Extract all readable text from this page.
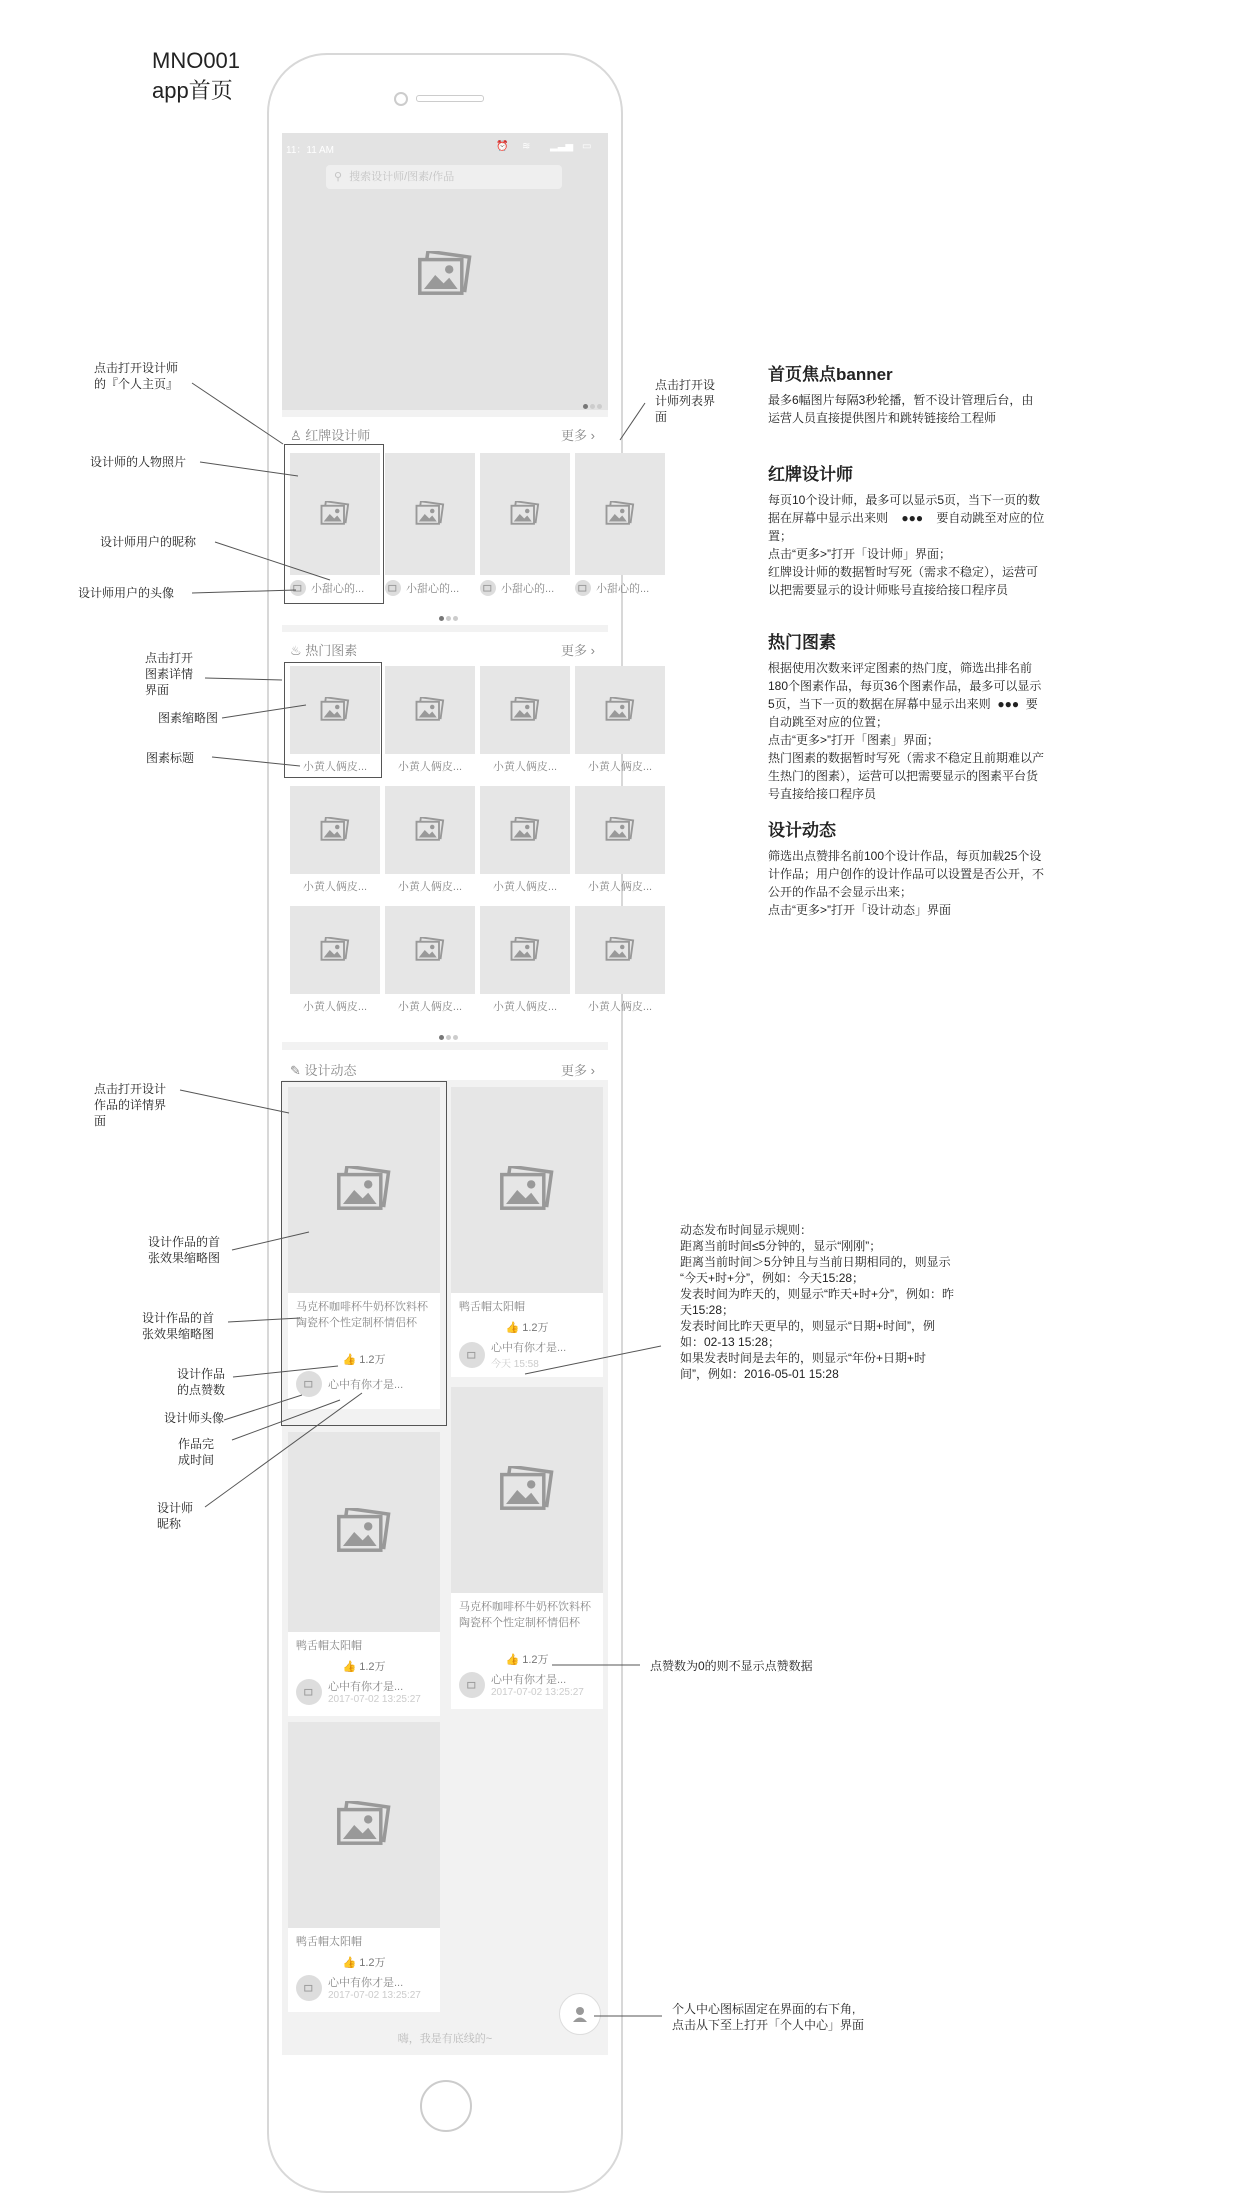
MNO001
app首页
11：11 AM	⏰ ≋ ▂▃▅ ▭
⚲ 搜索设计师/图素/作品
♙ 红牌设计师	更多 ›
小甜心的...	小甜心的...	小甜心的...	小甜心的...
♨ 热门图素	更多 ›
小黄人俩皮...	小黄人俩皮...	小黄人俩皮...	小黄人俩皮...
小黄人俩皮...	小黄人俩皮...	小黄人俩皮...	小黄人俩皮...
小黄人俩皮...	小黄人俩皮...	小黄人俩皮...	小黄人俩皮...
✎ 设计动态	更多 ›
马克杯咖啡杯牛奶杯饮料杯陶瓷杯个性定制杯情侣杯
👍 1.2万
心中有你才是...
鸭舌帽太阳帽
👍 1.2万
心中有你才是...
今天 15:58
鸭舌帽太阳帽
👍 1.2万
心中有你才是...
2017-07-02 13:25:27
马克杯咖啡杯牛奶杯饮料杯陶瓷杯个性定制杯情侣杯
👍 1.2万
心中有你才是...
2017-07-02 13:25:27
鸭舌帽太阳帽
👍 1.2万
心中有你才是...
2017-07-02 13:25:27
嗨，我是有底线的~
点击打开设计师
的『个人主页』
设计师的人物照片
设计师用户的昵称
设计师用户的头像
点击打开设
计师列表界
面
点击打开
图素详情
界面
图素缩略图
图素标题
点击打开设计
作品的详情界
面
设计作品的首
张效果缩略图
设计作品的首
张效果缩略图
设计作品
的点赞数
设计师头像
作品完
成时间
设计师
昵称
点赞数为0的则不显示点赞数据
个人中心图标固定在界面的右下角,
点击从下至上打开「个人中心」界面
动态发布时间显示规则：
距离当前时间≤5分钟的，显示“刚刚”；
距离当前时间＞5分钟且与当前日期相同的，则显示
“今天+时+分”，例如：今天15:28；
发表时间为昨天的，则显示“昨天+时+分”，例如：昨
天15:28；
发表时间比昨天更早的，则显示“日期+时间”，例
如：02-13 15:28；
如果发表时间是去年的，则显示“年份+日期+时
间”，例如：2016-05-01 15:28
首页焦点banner
最多6幅图片每隔3秒轮播，暂不设计管理后台，由
运营人员直接提供图片和跳转链接给工程师
红牌设计师
每页10个设计师，最多可以显示5页，当下一页的数
据在屏幕中显示出来则    ●●●    要自动跳至对应的位
置；
点击“更多>”打开「设计师」界面；
红牌设计师的数据暂时写死（需求不稳定），运营可
以把需要显示的设计师账号直接给接口程序员
热门图素
根据使用次数来评定图素的热门度，筛选出排名前
180个图素作品，每页36个图素作品，最多可以显示
5页，当下一页的数据在屏幕中显示出来则  ●●●  要
自动跳至对应的位置；
点击“更多>”打开「图素」界面；
热门图素的数据暂时写死（需求不稳定且前期难以产
生热门的图素），运营可以把需要显示的图素平台货
号直接给接口程序员
设计动态
筛选出点赞排名前100个设计作品，每页加载25个设
计作品；用户创作的设计作品可以设置是否公开，不
公开的作品不会显示出来；
点击“更多>”打开「设计动态」界面
